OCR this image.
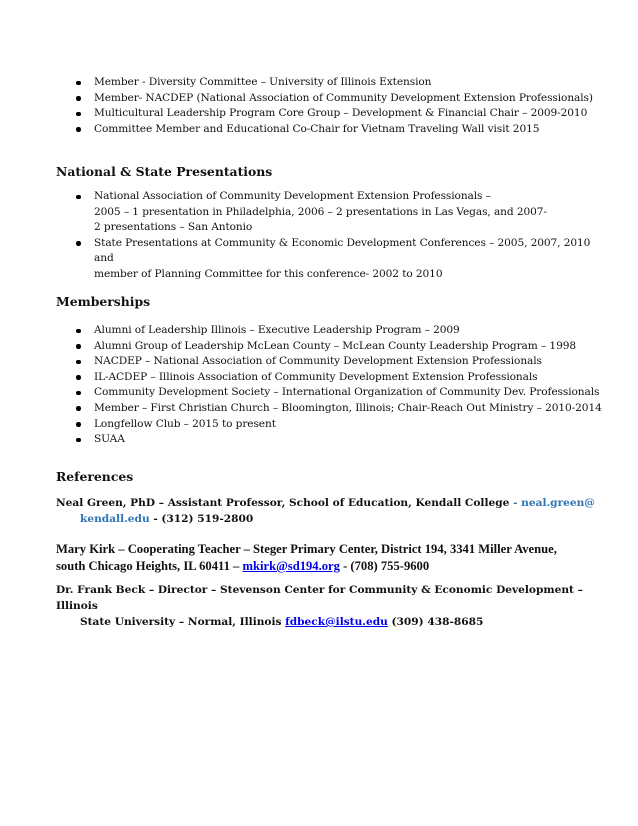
Member - Diversity Committee – University of Illinois Extension
Member- NACDEP (National Association of Community Development Extension Professionals)
Multicultural Leadership Program Core Group – Development & Financial Chair – 2009-2010
Committee Member and Educational Co-Chair for Vietnam Traveling Wall visit 2015
National & State Presentations
National Association of Community Development Extension Professionals –
2005 – 1 presentation in Philadelphia, 2006 – 2 presentations in Las Vegas, and 2007-
2 presentations – San Antonio
State Presentations at Community & Economic Development Conferences – 2005, 2007, 2010 and
member of Planning Committee for this conference- 2002 to 2010
Memberships
Alumni of Leadership Illinois – Executive Leadership Program – 2009
Alumni Group of Leadership McLean County – McLean County Leadership Program – 1998
NACDEP – National Association of Community Development Extension Professionals
IL-ACDEP – Illinois Association of Community Development Extension Professionals
Community Development Society – International Organization of Community Dev. Professionals
Member – First Christian Church – Bloomington, Illinois; Chair-Reach Out Ministry – 2010-2014
Longfellow Club – 2015 to present
SUAA
References
Neal Green, PhD – Assistant Professor, School of Education, Kendall College - neal.green@
kendall.edu - (312) 519-2800
Mary Kirk – Cooperating Teacher – Steger Primary Center, District 194, 3341 Miller Avenue,
south Chicago Heights, IL 60411 – mkirk@sd194.org - (708) 755-9600
Dr. Frank Beck – Director – Stevenson Center for Community & Economic Development –Illinois
State University – Normal, Illinois fdbeck@ilstu.edu (309) 438-8685
